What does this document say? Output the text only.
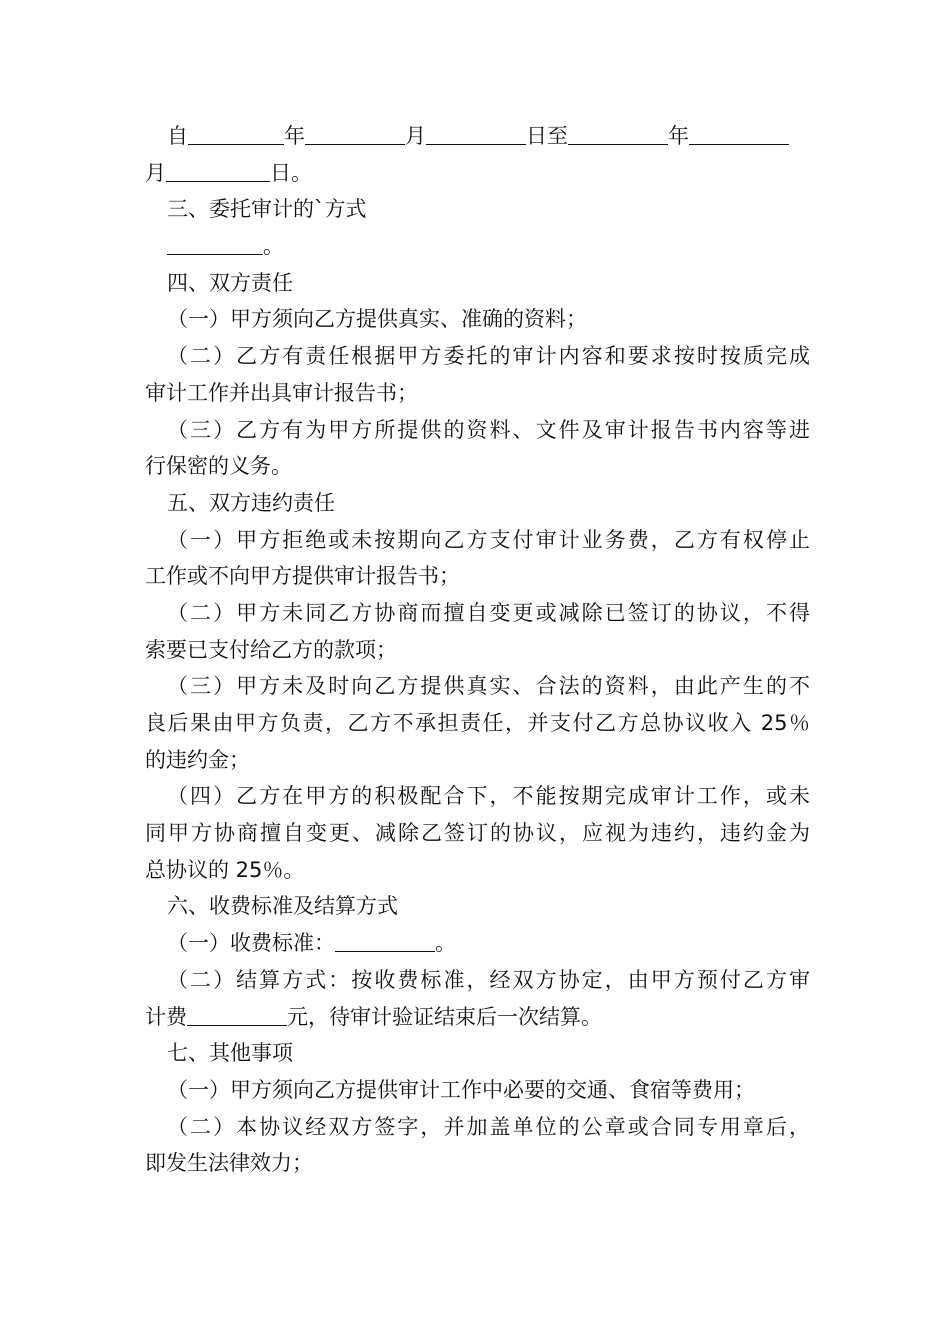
自	年	月	日至	年
月	日。
三、委托审计的`方式
。
四、双方责任
（一）甲方须向乙方提供真实、准确的资料；
（二）乙方有责任根据甲方委托的审计内容和要求按时按质完成
审计工作并出具审计报告书；
（三）乙方有为甲方所提供的资料、文件及审计报告书内容等进
行保密的义务。
五、双方违约责任
（一）甲方拒绝或未按期向乙方支付审计业务费，乙方有权停止
工作或不向甲方提供审计报告书；
（二）甲方未同乙方协商而擅自变更或减除已签订的协议，不得
索要已支付给乙方的款项；
（三）甲方未及时向乙方提供真实、合法的资料，由此产生的不
良后果由甲方负责，乙方不承担责任，并支付乙方总协议收入 25％
的违约金；
（四）乙方在甲方的积极配合下，不能按期完成审计工作，或未
同甲方协商擅自变更、减除乙签订的协议，应视为违约，违约金为
总协议的 25％。
六、收费标准及结算方式
（一）收费标准：	。
（二）结算方式：按收费标准，经双方协定，由甲方预付乙方审
计费	元，待审计验证结束后一次结算。
七、其他事项
（一）甲方须向乙方提供审计工作中必要的交通、食宿等费用；
（二）本协议经双方签字，并加盖单位的公章或合同专用章后，
即发生法律效力；
